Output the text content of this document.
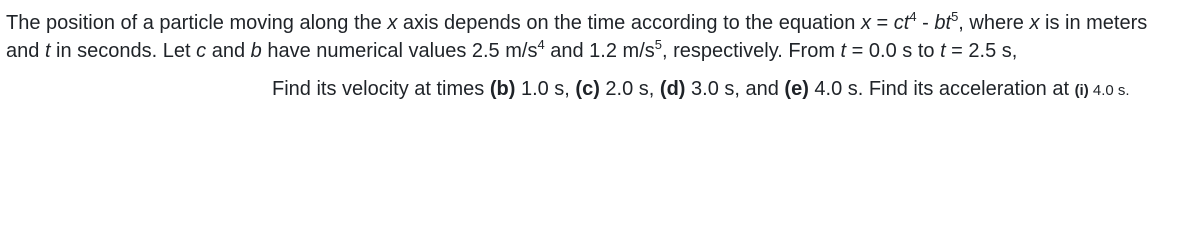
The position of a particle moving along the x axis depends on the time according to the equation $x = ct^4 - bt^5$, where x is in meters
and t in seconds. Let c and b have numerical values 2.5 $m/s^4$ and 1.2 $m/s^5$, respectively. From t = 0.0 s to t = 2.5 s,
Find its velocity at times (b) 1.0 s, (c) 2.0 s, (d) 3.0 s, and (e) 4.0 s. Find its acceleration at (i) 4.0 s.
